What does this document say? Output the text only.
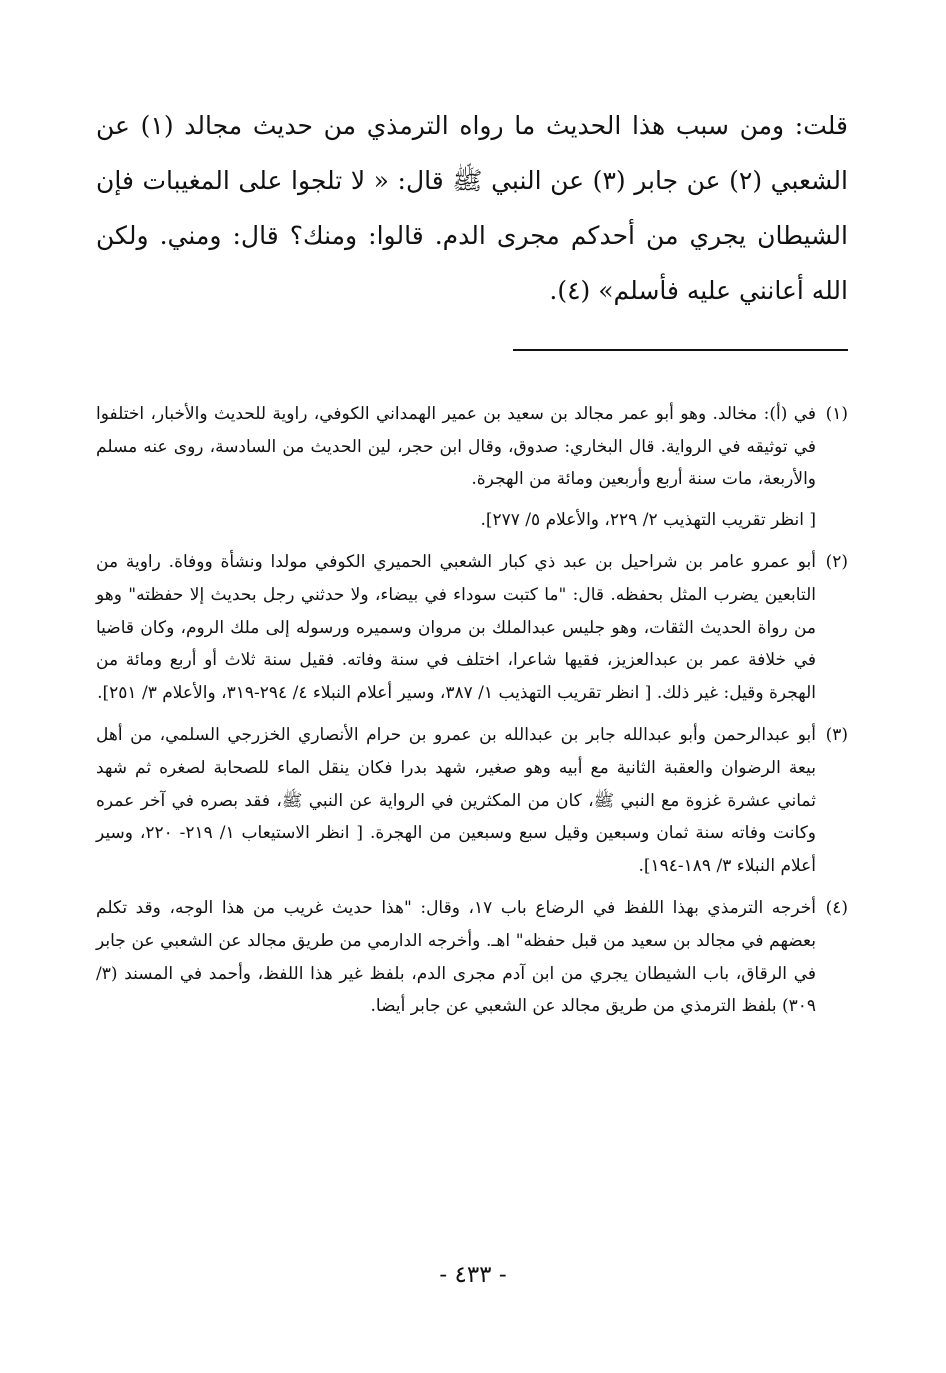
قلت: ومن سبب هذا الحديث ما رواه الترمذي من حديث مجالد (١) عن الشعبي (٢) عن جابر (٣) عن النبي ﷺ قال: « لا تلجوا على المغيبات فإن الشيطان يجري من أحدكم مجرى الدم. قالوا: ومنك؟ قال: ومني. ولكن الله أعانني عليه فأسلم» (٤).

(١)
في (أ): مخالد. وهو أبو عمر مجالد بن سعيد بن عمير الهمداني الكوفي، راوية للحديث والأخبار، اختلفوا في توثيقه في الرواية. قال البخاري: صدوق، وقال ابن حجر، لين الحديث من السادسة، روى عنه مسلم والأربعة، مات سنة أربع وأربعين ومائة من الهجرة.
[ انظر تقريب التهذيب ٢/ ٢٢٩، والأعلام ٥/ ٢٧٧].
(٢)
أبو عمرو عامر بن شراحيل بن عبد ذي كبار الشعبي الحميري الكوفي مولدا ونشأة ووفاة. راوية من التابعين يضرب المثل بحفظه. قال: "ما كتبت سوداء في بيضاء، ولا حدثني رجل بحديث إلا حفظته" وهو من رواة الحديث الثقات، وهو جليس عبدالملك بن مروان وسميره ورسوله إلى ملك الروم، وكان قاضيا في خلافة عمر بن عبدالعزيز، فقيها شاعرا، اختلف في سنة وفاته. فقيل سنة ثلاث أو أربع ومائة من الهجرة وقيل: غير ذلك. [ انظر تقريب التهذيب ١/ ٣٨٧، وسير أعلام النبلاء ٤/ ٢٩٤-٣١٩، والأعلام ٣/ ٢٥١].
(٣)
أبو عبدالرحمن وأبو عبدالله جابر بن عبدالله بن عمرو بن حرام الأنصاري الخزرجي السلمي، من أهل بيعة الرضوان والعقبة الثانية مع أبيه وهو صغير، شهد بدرا فكان ينقل الماء للصحابة لصغره ثم شهد ثماني عشرة غزوة مع النبي ﷺ، كان من المكثرين في الرواية عن النبي ﷺ، فقد بصره في آخر عمره وكانت وفاته سنة ثمان وسبعين وقيل سبع وسبعين من الهجرة. [ انظر الاستيعاب ١/ ٢١٩- ٢٢٠، وسير أعلام النبلاء ٣/ ١٨٩-١٩٤].
(٤)
أخرجه الترمذي بهذا اللفظ في الرضاع باب ١٧، وقال: "هذا حديث غريب من هذا الوجه، وقد تكلم بعضهم في مجالد بن سعيد من قبل حفظه" اهـ. وأخرجه الدارمي من طريق مجالد عن الشعبي عن جابر في الرقاق، باب الشيطان يجري من ابن آدم مجرى الدم، بلفظ غير هذا اللفظ، وأحمد في المسند (٣/ ٣٠٩) بلفظ الترمذي من طريق مجالد عن الشعبي عن جابر أيضا.
- ٤٣٣ -
